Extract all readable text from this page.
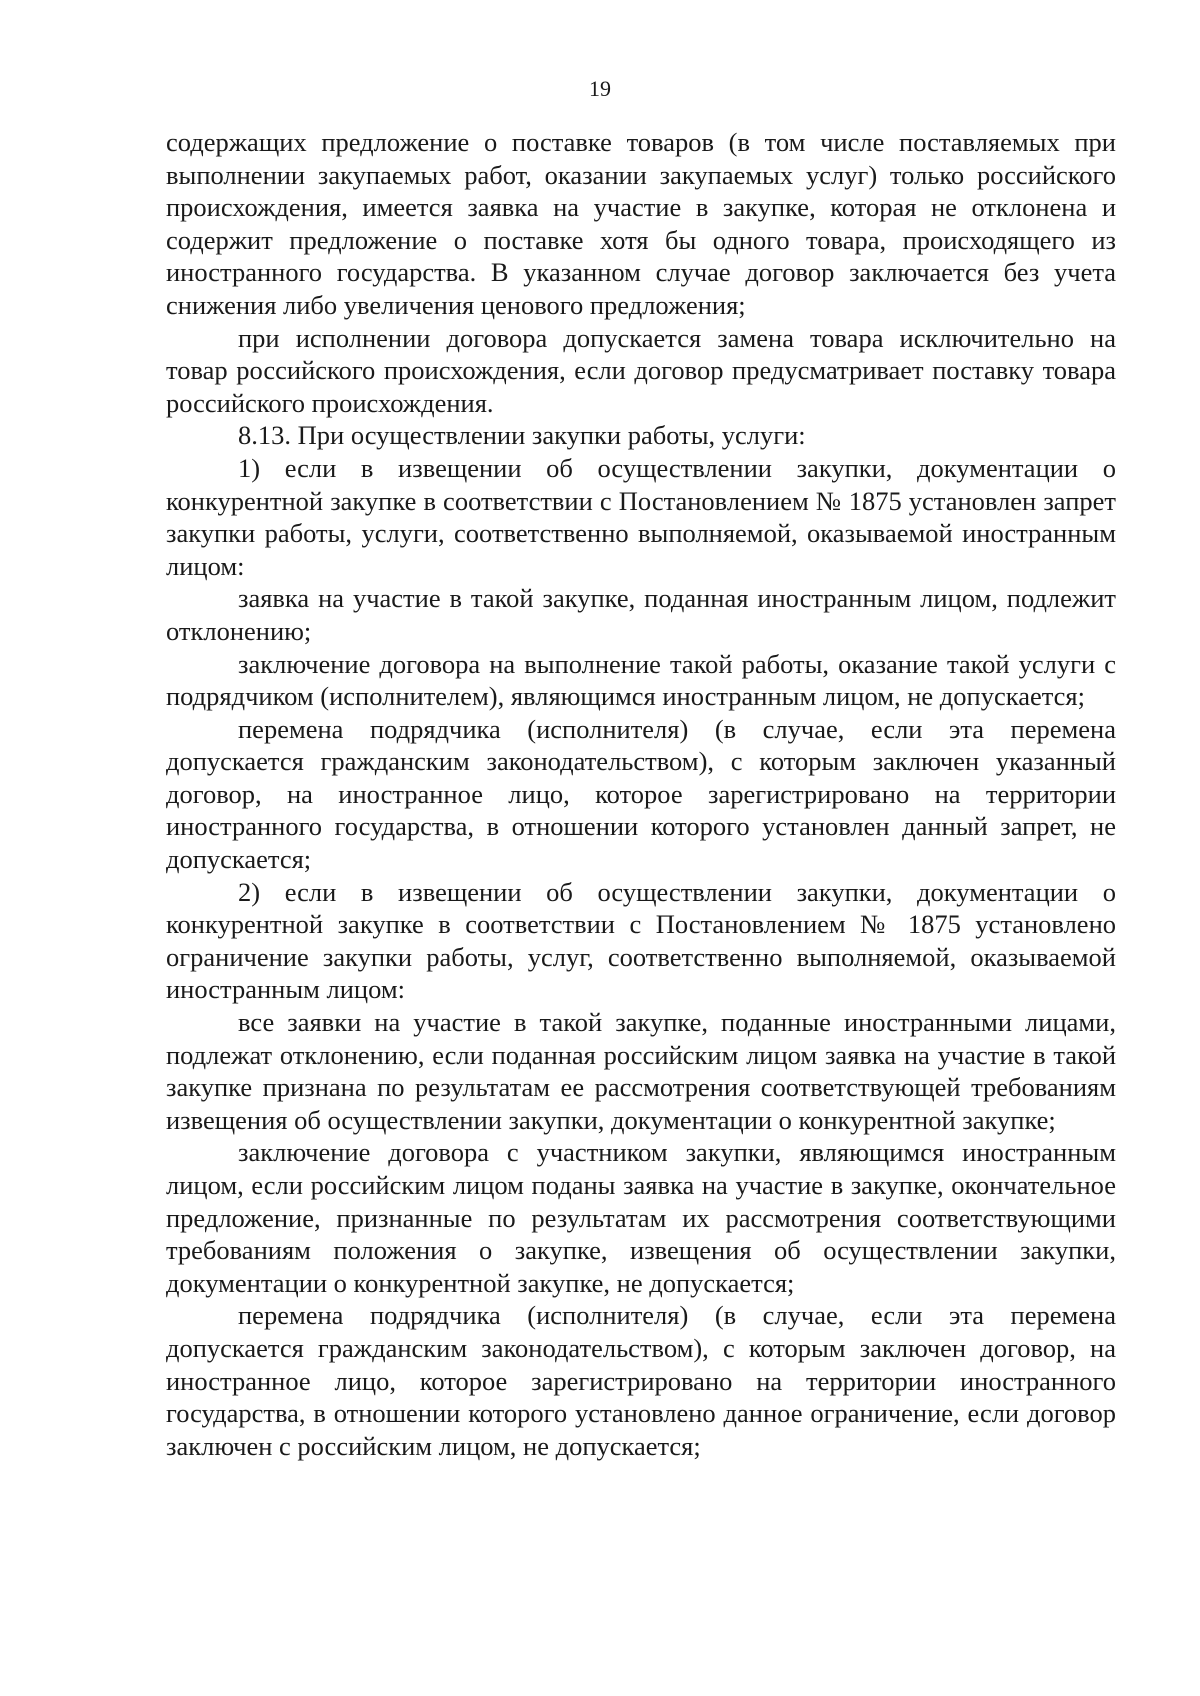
19

содержащих предложение о поставке товаров (в том числе поставляемых при выполнении закупаемых работ, оказании закупаемых услуг) только российского происхождения, имеется заявка на участие в закупке, которая не отклонена и содержит предложение о поставке хотя бы одного товара, происходящего из иностранного государства. В указанном случае договор заключается без учета снижения либо увеличения ценового предложения;

при исполнении договора допускается замена товара исключительно на товар российского происхождения, если договор предусматривает поставку товара российского происхождения.

8.13. При осуществлении закупки работы, услуги:

1) если в извещении об осуществлении закупки, документации о конкурентной закупке в соответствии с Постановлением № 1875 установлен запрет закупки работы, услуги, соответственно выполняемой, оказываемой иностранным лицом:

заявка на участие в такой закупке, поданная иностранным лицом, подлежит отклонению;

заключение договора на выполнение такой работы, оказание такой услуги с подрядчиком (исполнителем), являющимся иностранным лицом, не допускается;

перемена подрядчика (исполнителя) (в случае, если эта перемена допускается гражданским законодательством), с которым заключен указанный договор, на иностранное лицо, которое зарегистрировано на территории иностранного государства, в отношении которого установлен данный запрет, не допускается;

2) если в извещении об осуществлении закупки, документации о конкурентной закупке в соответствии с Постановлением № 1875 установлено ограничение закупки работы, услуг, соответственно выполняемой, оказываемой иностранным лицом:

все заявки на участие в такой закупке, поданные иностранными лицами, подлежат отклонению, если поданная российским лицом заявка на участие в такой закупке признана по результатам ее рассмотрения соответствующей требованиям извещения об осуществлении закупки, документации о конкурентной закупке;

заключение договора с участником закупки, являющимся иностранным лицом, если российским лицом поданы заявка на участие в закупке, окончательное предложение, признанные по результатам их рассмотрения соответствующими требованиям положения о закупке, извещения об осуществлении закупки, документации о конкурентной закупке, не допускается;

перемена подрядчика (исполнителя) (в случае, если эта перемена допускается гражданским законодательством), с которым заключен договор, на иностранное лицо, которое зарегистрировано на территории иностранного государства, в отношении которого установлено данное ограничение, если договор заключен с российским лицом, не допускается;
